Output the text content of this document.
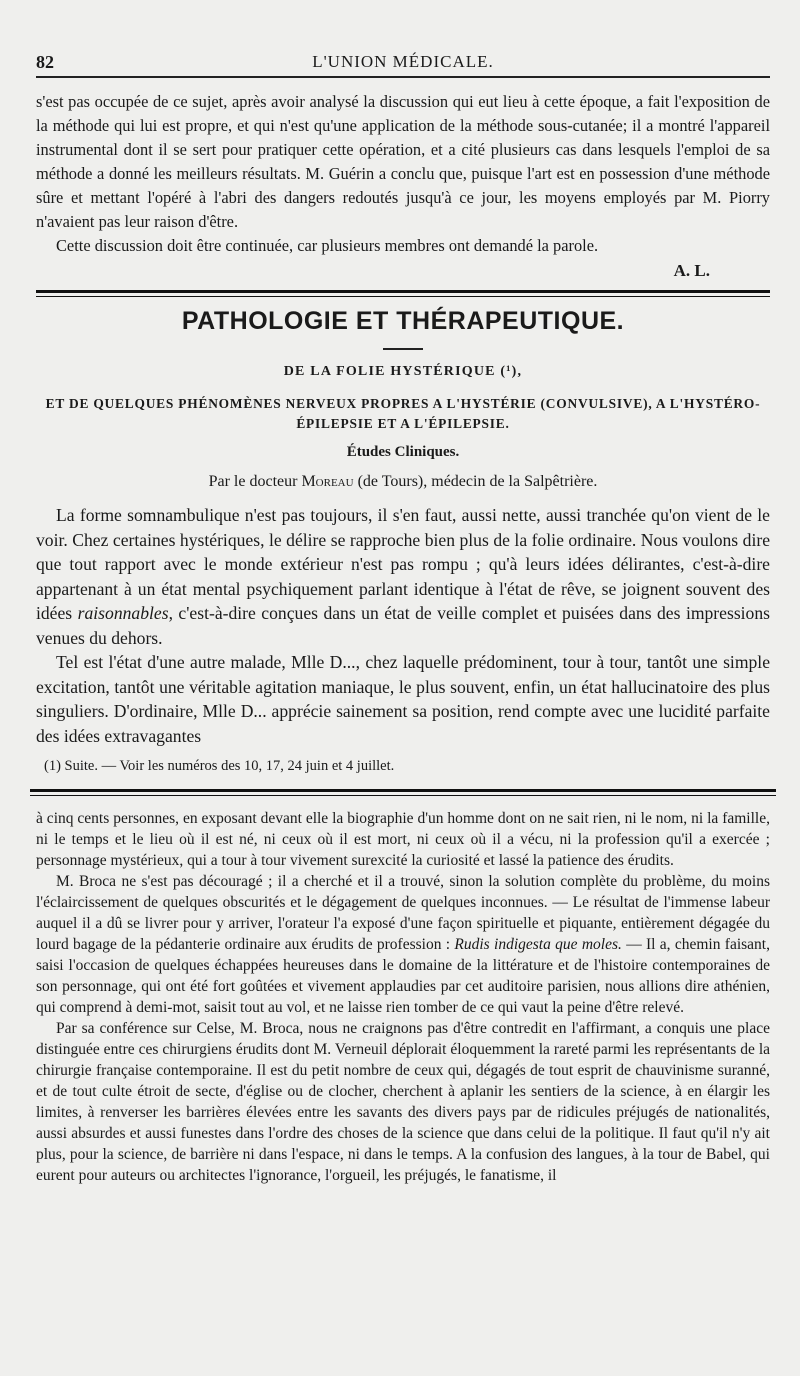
82	L'UNION MÉDICALE.

s'est pas occupée de ce sujet, après avoir analysé la discussion qui eut lieu à cette époque, a fait l'exposition de la méthode qui lui est propre, et qui n'est qu'une application de la méthode sous-cutanée; il a montré l'appareil instrumental dont il se sert pour pratiquer cette opération, et a cité plusieurs cas dans lesquels l'emploi de sa méthode a donné les meilleurs résultats. M. Guérin a conclu que, puisque l'art est en possession d'une méthode sûre et mettant l'opéré à l'abri des dangers redoutés jusqu'à ce jour, les moyens employés par M. Piorry n'avaient pas leur raison d'être.

Cette discussion doit être continuée, car plusieurs membres ont demandé la parole.

A. L.
PATHOLOGIE ET THÉRAPEUTIQUE.
DE LA FOLIE HYSTÉRIQUE (¹),
ET DE QUELQUES PHÉNOMÈNES NERVEUX PROPRES A L'HYSTÉRIE (CONVULSIVE), A L'HYSTÉRO-ÉPILEPSIE ET A L'ÉPILEPSIE.
Études Cliniques.
Par le docteur Moreau (de Tours), médecin de la Salpêtrière.

La forme somnambulique n'est pas toujours, il s'en faut, aussi nette, aussi tranchée qu'on vient de le voir. Chez certaines hystériques, le délire se rapproche bien plus de la folie ordinaire. Nous voulons dire que tout rapport avec le monde extérieur n'est pas rompu ; qu'à leurs idées délirantes, c'est-à-dire appartenant à un état mental psychiquement parlant identique à l'état de rêve, se joignent souvent des idées raisonnables, c'est-à-dire conçues dans un état de veille complet et puisées dans des impressions venues du dehors.

Tel est l'état d'une autre malade, Mlle D..., chez laquelle prédominent, tour à tour, tantôt une simple excitation, tantôt une véritable agitation maniaque, le plus souvent, enfin, un état hallucinatoire des plus singuliers. D'ordinaire, Mlle D... apprécie sainement sa position, rend compte avec une lucidité parfaite des idées extravagantes

(1) Suite. — Voir les numéros des 10, 17, 24 juin et 4 juillet.

à cinq cents personnes, en exposant devant elle la biographie d'un homme dont on ne sait rien, ni le nom, ni la famille, ni le temps et le lieu où il est né, ni ceux où il est mort, ni ceux où il a vécu, ni la profession qu'il a exercée ; personnage mystérieux, qui a tour à tour vivement surexcité la curiosité et lassé la patience des érudits.

M. Broca ne s'est pas découragé ; il a cherché et il a trouvé, sinon la solution complète du problème, du moins l'éclaircissement de quelques obscurités et le dégagement de quelques inconnues. — Le résultat de l'immense labeur auquel il a dû se livrer pour y arriver, l'orateur l'a exposé d'une façon spirituelle et piquante, entièrement dégagée du lourd bagage de la pédanterie ordinaire aux érudits de profession : Rudis indigesta que moles. — Il a, chemin faisant, saisi l'occasion de quelques échappées heureuses dans le domaine de la littérature et de l'histoire contemporaines de son personnage, qui ont été fort goûtées et vivement applaudies par cet auditoire parisien, nous allions dire athénien, qui comprend à demi-mot, saisit tout au vol, et ne laisse rien tomber de ce qui vaut la peine d'être relevé.

Par sa conférence sur Celse, M. Broca, nous ne craignons pas d'être contredit en l'affirmant, a conquis une place distinguée entre ces chirurgiens érudits dont M. Verneuil déplorait éloquemment la rareté parmi les représentants de la chirurgie française contemporaine. Il est du petit nombre de ceux qui, dégagés de tout esprit de chauvinisme suranné, et de tout culte étroit de secte, d'église ou de clocher, cherchent à aplanir les sentiers de la science, à en élargir les limites, à renverser les barrières élevées entre les savants des divers pays par de ridicules préjugés de nationalités, aussi absurdes et aussi funestes dans l'ordre des choses de la science que dans celui de la politique. Il faut qu'il n'y ait plus, pour la science, de barrière ni dans l'espace, ni dans le temps. A la confusion des langues, à la tour de Babel, qui eurent pour auteurs ou architectes l'ignorance, l'orgueil, les préjugés, le fanatisme, il
